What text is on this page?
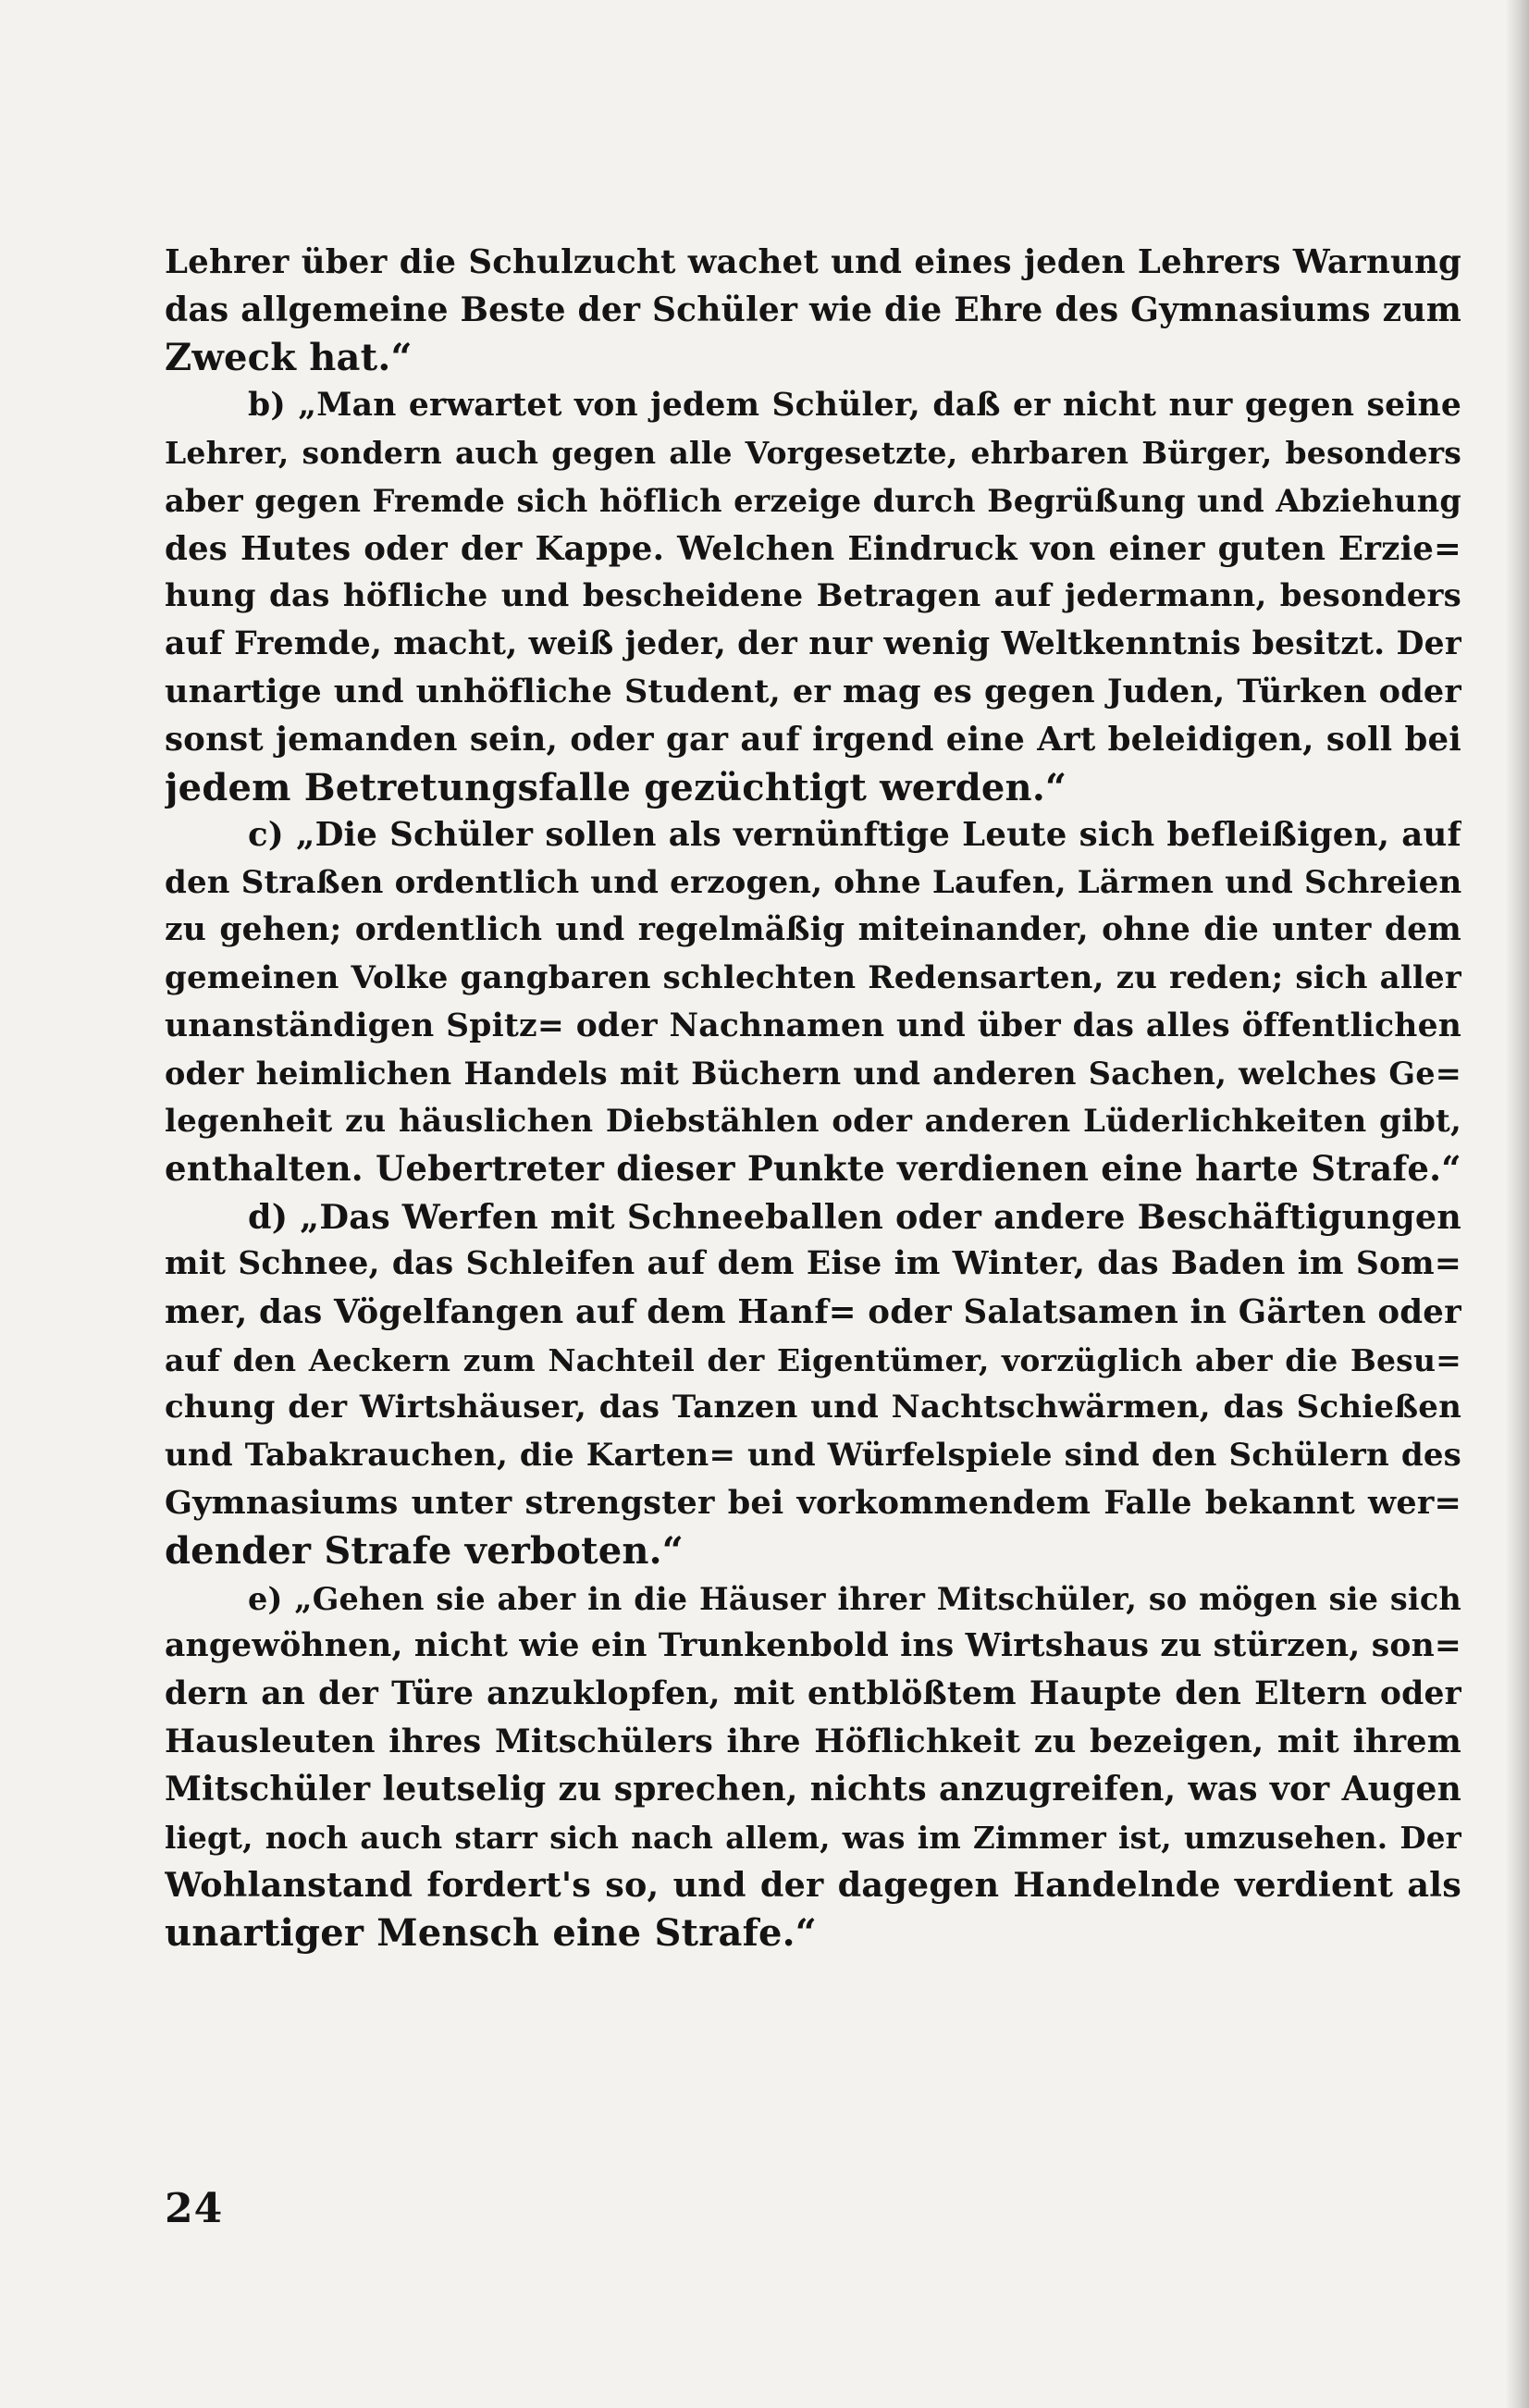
Lehrer über die Schulzucht wachet und eines jeden Lehrers Warnung
das allgemeine Beste der Schüler wie die Ehre des Gymnasiums zum
Zweck hat.“
b) „Man erwartet von jedem Schüler, daß er nicht nur gegen seine
Lehrer, sondern auch gegen alle Vorgesetzte, ehrbaren Bürger, besonders
aber gegen Fremde sich höflich erzeige durch Begrüßung und Abziehung
des Hutes oder der Kappe. Welchen Eindruck von einer guten Erzie=
hung das höfliche und bescheidene Betragen auf jedermann, besonders
auf Fremde, macht, weiß jeder, der nur wenig Weltkenntnis besitzt. Der
unartige und unhöfliche Student, er mag es gegen Juden, Türken oder
sonst jemanden sein, oder gar auf irgend eine Art beleidigen, soll bei
jedem Betretungsfalle gezüchtigt werden.“
c) „Die Schüler sollen als vernünftige Leute sich befleißigen, auf
den Straßen ordentlich und erzogen, ohne Laufen, Lärmen und Schreien
zu gehen; ordentlich und regelmäßig miteinander, ohne die unter dem
gemeinen Volke gangbaren schlechten Redensarten, zu reden; sich aller
unanständigen Spitz= oder Nachnamen und über das alles öffentlichen
oder heimlichen Handels mit Büchern und anderen Sachen, welches Ge=
legenheit zu häuslichen Diebstählen oder anderen Lüderlichkeiten gibt,
enthalten. Uebertreter dieser Punkte verdienen eine harte Strafe.“
d) „Das Werfen mit Schneeballen oder andere Beschäftigungen
mit Schnee, das Schleifen auf dem Eise im Winter, das Baden im Som=
mer, das Vögelfangen auf dem Hanf= oder Salatsamen in Gärten oder
auf den Aeckern zum Nachteil der Eigentümer, vorzüglich aber die Besu=
chung der Wirtshäuser, das Tanzen und Nachtschwärmen, das Schießen
und Tabakrauchen, die Karten= und Würfelspiele sind den Schülern des
Gymnasiums unter strengster bei vorkommendem Falle bekannt wer=
dender Strafe verboten.“
e) „Gehen sie aber in die Häuser ihrer Mitschüler, so mögen sie sich
angewöhnen, nicht wie ein Trunkenbold ins Wirtshaus zu stürzen, son=
dern an der Türe anzuklopfen, mit entblößtem Haupte den Eltern oder
Hausleuten ihres Mitschülers ihre Höflichkeit zu bezeigen, mit ihrem
Mitschüler leutselig zu sprechen, nichts anzugreifen, was vor Augen
liegt, noch auch starr sich nach allem, was im Zimmer ist, umzusehen. Der
Wohlanstand fordert's so, und der dagegen Handelnde verdient als
unartiger Mensch eine Strafe.“
24
